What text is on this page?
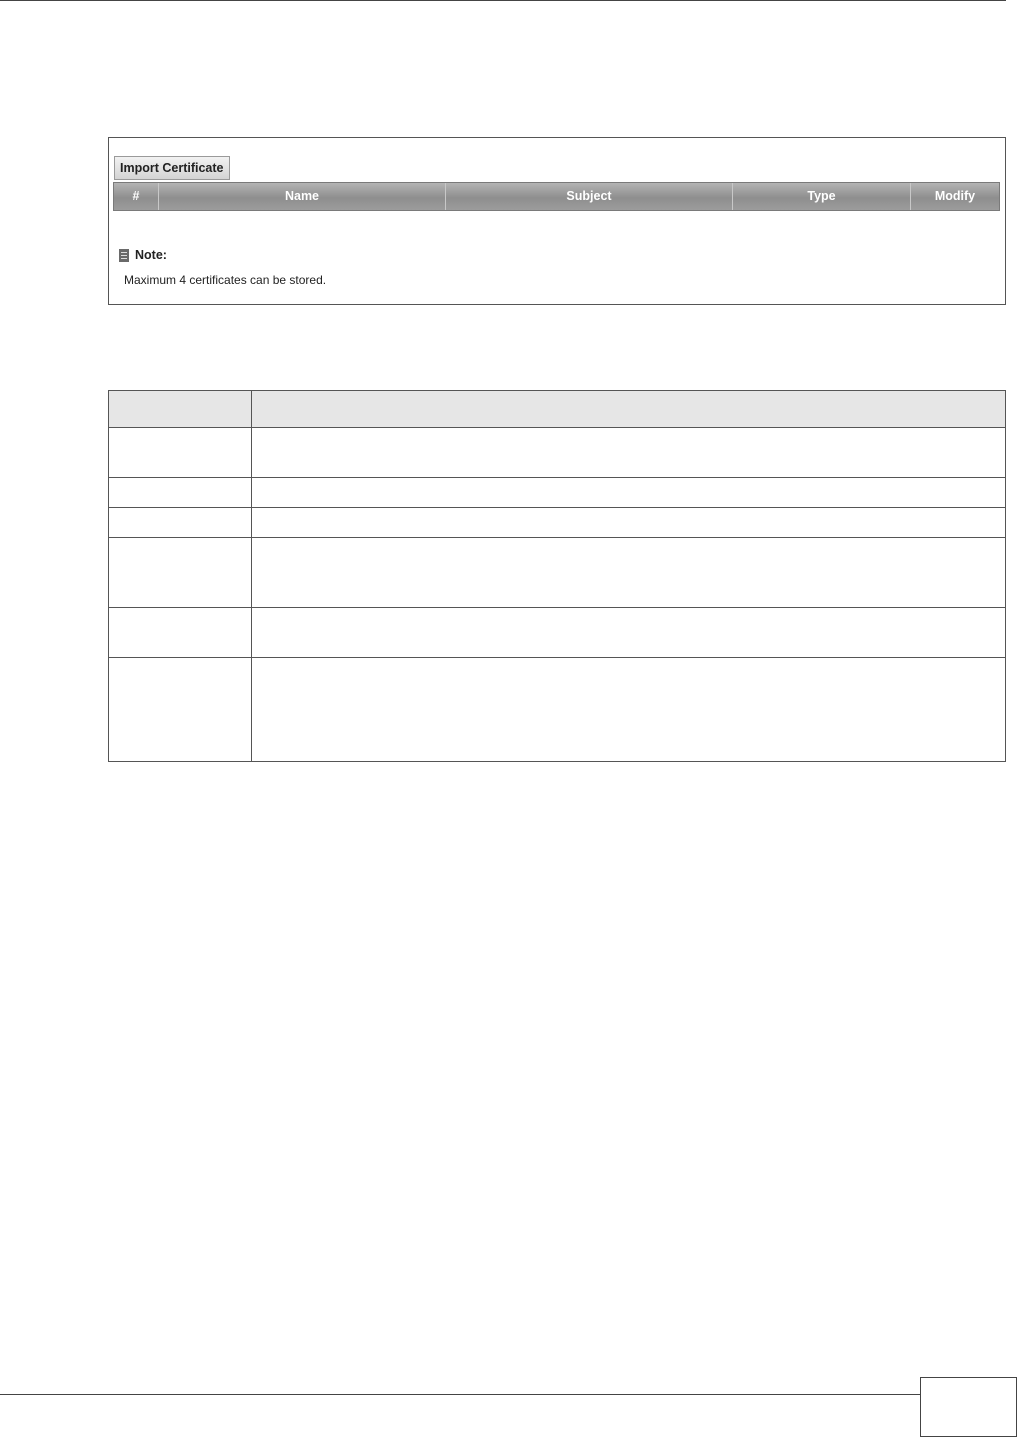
Import Certificate
#	Name	Subject	Type	Modify
Note:
Maximum 4 certificates can be stored.
